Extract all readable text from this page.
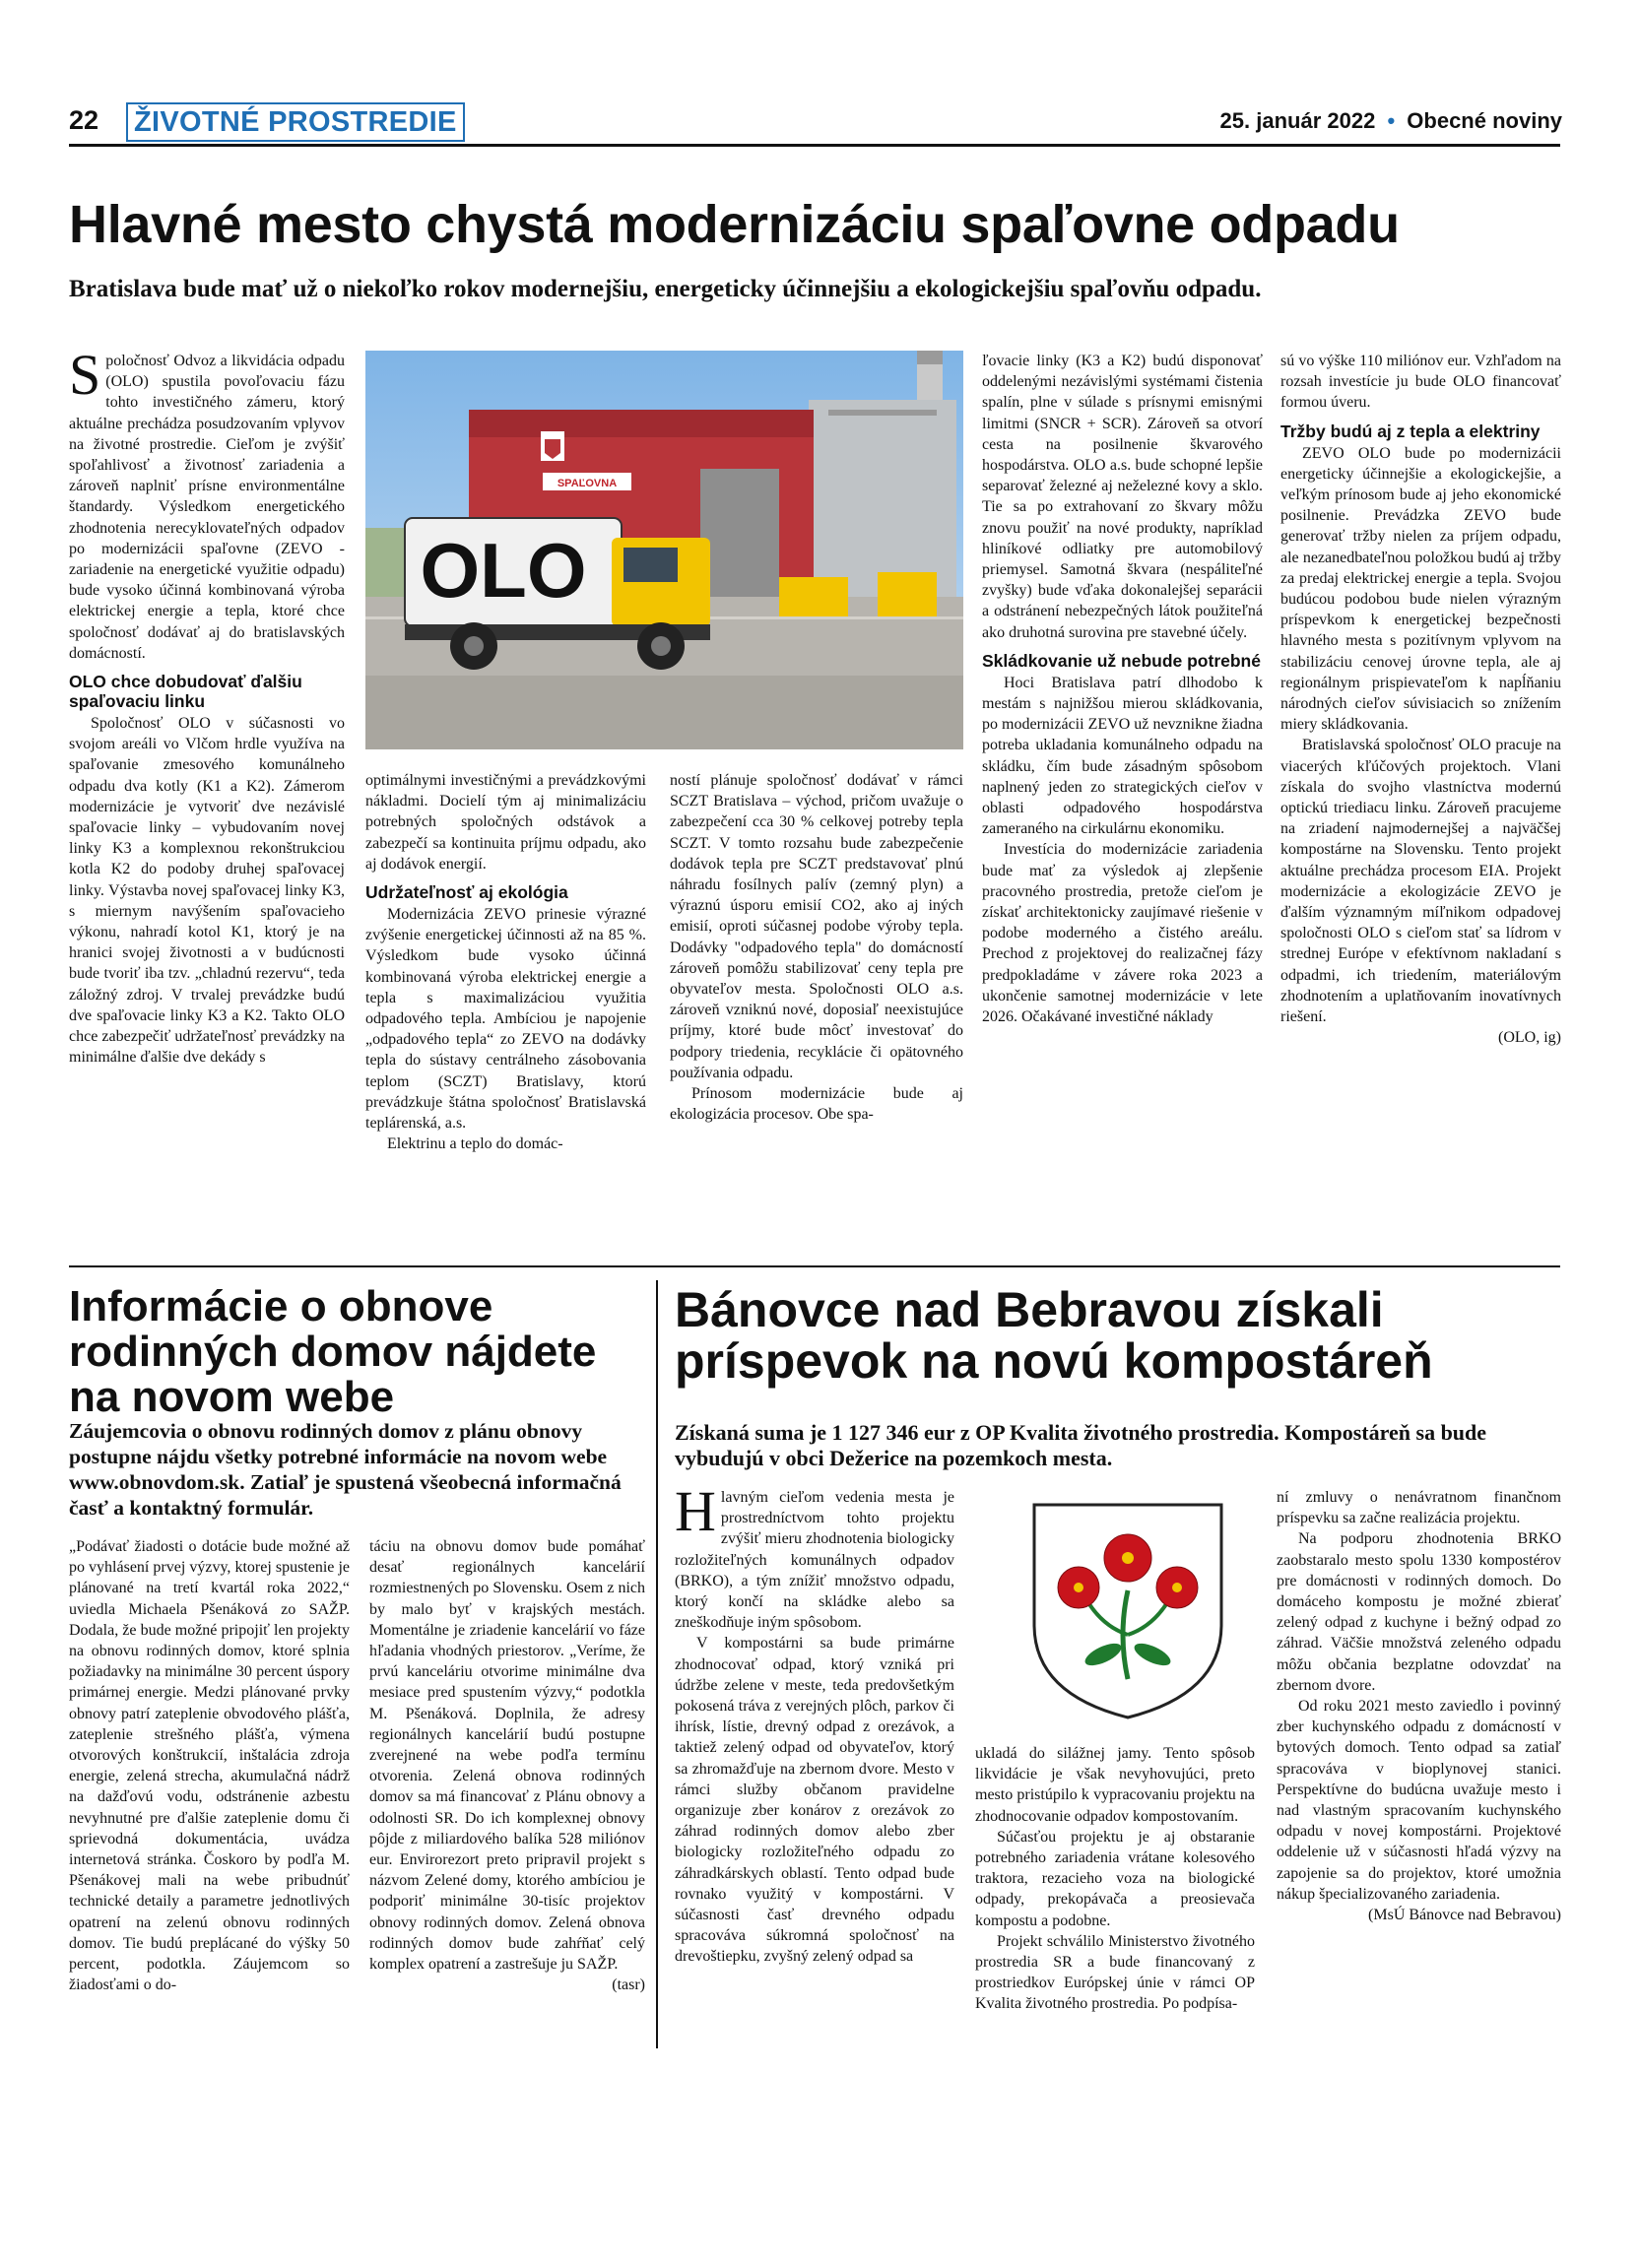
22 ŽIVOTNÉ PROSTREDIE	25. január 2022 • Obecné noviny
Hlavné mesto chystá modernizáciu spaľovne odpadu
Bratislava bude mať už o niekoľko rokov modernejšiu, energeticky účinnejšiu a ekologickejšiu spaľovňu odpadu.
S poločnosť Odvoz a likvidácia odpadu (OLO) spustila povoľovaciu fázu tohto investičného zámeru, ktorý aktuálne prechádza posudzovaním vplyvov na životné prostredie. Cieľom je zvýšiť spoľahlivosť a životnosť zariadenia a zároveň naplniť prísne environmentálne štandardy. Výsledkom energetického zhodnotenia nerecyklovateľných odpadov po modernizácii spaľovne (ZEVO - zariadenie na energetické využitie odpadu) bude vysoko účinná kombinovaná výroba elektrickej energie a tepla, ktoré chce spoločnosť dodávať aj do bratislavských domácností.

OLO chce dobudovať ďalšiu spaľovaciu linku

Spoločnosť OLO v súčasnosti vo svojom areáli vo Vlčom hrdle využíva na spaľovanie zmesového komunálneho odpadu dva kotly (K1 a K2). Zámerom modernizácie je vytvoriť dve nezávislé spaľovacie linky – vybudovaním novej linky K3 a komplexnou rekonštrukciou kotla K2 do podoby druhej spaľovacej linky. Výstavba novej spaľovacej linky K3, s miernym navýšením spaľovacieho výkonu, nahradí kotol K1, ktorý je na hranici svojej životnosti a v budúcnosti bude tvoriť iba tzv. „chladnú rezervu“, teda záložný zdroj. V trvalej prevádzke budú dve spaľovacie linky K3 a K2. Takto OLO chce zabezpečiť udržateľnosť prevádzky na minimálne ďalšie dve dekády s

SPAĽOVNA
OLO

optimálnymi investičnými a prevádzkovými nákladmi. Docielí tým aj minimalizáciu potrebných spoločných odstávok a zabezpečí sa kontinuita príjmu odpadu, ako aj dodávok energií.

Udržateľnosť aj ekológia

Modernizácia ZEVO prinesie výrazné zvýšenie energetickej účinnosti až na 85 %. Výsledkom bude vysoko účinná kombinovaná výroba elektrickej energie a tepla s maximalizáciou využitia odpadového tepla. Ambíciou je napojenie „odpadového tepla“ zo ZEVO na dodávky tepla do sústavy centrálneho zásobovania teplom (SCZT) Bratislavy, ktorú prevádzkuje štátna spoločnosť Bratislavská teplárenská, a.s.

Elektrinu a teplo do domác-

ností plánuje spoločnosť dodávať v rámci SCZT Bratislava – východ, pričom uvažuje o zabezpečení cca 30 % celkovej potreby tepla SCZT. V tomto rozsahu bude zabezpečenie dodávok tepla pre SCZT predstavovať plnú náhradu fosílnych palív (zemný plyn) a výraznú úsporu emisií CO2, ako aj iných emisií, oproti súčasnej podobe výroby tepla. Dodávky "odpadového tepla" do domácností zároveň pomôžu stabilizovať ceny tepla pre obyvateľov mesta. Spoločnosti OLO a.s. zároveň vzniknú nové, doposiaľ neexistujúce príjmy, ktoré bude môcť investovať do podpory triedenia, recyklácie či opätovného používania odpadu.

Prínosom modernizácie bude aj ekologizácia procesov. Obe spa-

ľovacie linky (K3 a K2) budú disponovať oddelenými nezávislými systémami čistenia spalín, plne v súlade s prísnymi emisnými limitmi (SNCR + SCR). Zároveň sa otvorí cesta na posilnenie škvarového hospodárstva. OLO a.s. bude schopné lepšie separovať železné aj neželezné kovy a sklo. Tie sa po extrahovaní zo škvary môžu znovu použiť na nové produkty, napríklad hliníkové odliatky pre automobilový priemysel. Samotná škvara (nespáliteľné zvyšky) bude vďaka dokonalejšej separácii a odstránení nebezpečných látok použiteľná ako druhotná surovina pre stavebné účely.

Skládkovanie už nebude potrebné

Hoci Bratislava patrí dlhodobo k mestám s najnižšou mierou skládkovania, po modernizácii ZEVO už nevznikne žiadna potreba ukladania komunálneho odpadu na skládku, čím bude zásadným spôsobom naplnený jeden zo strategických cieľov v oblasti odpadového hospodárstva zameraného na cirkulárnu ekonomiku.

Investícia do modernizácie zariadenia bude mať za výsledok aj zlepšenie pracovného prostredia, pretože cieľom je získať architektonicky zaujímavé riešenie v podobe moderného a čistého areálu. Prechod z projektovej do realizačnej fázy predpokladáme v závere roka 2023 a ukončenie samotnej modernizácie v lete 2026. Očakávané investičné náklady

sú vo výške 110 miliónov eur. Vzhľadom na rozsah investície ju bude OLO financovať formou úveru.

Tržby budú aj z tepla a elektriny

ZEVO OLO bude po modernizácii energeticky účinnejšie a ekologickejšie, a veľkým prínosom bude aj jeho ekonomické posilnenie. Prevádzka ZEVO bude generovať tržby nielen za príjem odpadu, ale nezanedbateľnou položkou budú aj tržby za predaj elektrickej energie a tepla. Svojou budúcou podobou bude nielen výrazným príspevkom k energetickej bezpečnosti hlavného mesta s pozitívnym vplyvom na stabilizáciu cenovej úrovne tepla, ale aj regionálnym prispievateľom k napĺňaniu národných cieľov súvisiacich so znížením miery skládkovania.

Bratislavská spoločnosť OLO pracuje na viacerých kľúčových projektoch. Vlani získala do svojho vlastníctva modernú optickú triediacu linku. Zároveň pracujeme na zriadení najmodernejšej a najväčšej kompostárne na Slovensku. Tento projekt aktuálne prechádza procesom EIA. Projekt modernizácie a ekologizácie ZEVO je ďalším významným míľnikom odpadovej spoločnosti OLO s cieľom stať sa lídrom v strednej Európe v efektívnom nakladaní s odpadmi, ich triedením, materiálovým zhodnotením a uplatňovaním inovatívnych riešení.

(OLO, ig)

Informácie o obnove rodinných domov nájdete na novom webe
Záujemcovia o obnovu rodinných domov z plánu obnovy postupne nájdu všetky potrebné informácie na novom webe www.obnovdom.sk. Zatiaľ je spustená všeobecná informačná časť a kontaktný formulár.

„Podávať žiadosti o dotácie bude možné až po vyhlásení prvej výzvy, ktorej spustenie je plánované na tretí kvartál roka 2022,“ uviedla Michaela Pšenáková zo SAŽP. Dodala, že bude možné pripojiť len projekty na obnovu rodinných domov, ktoré splnia požiadavky na minimálne 30 percent úspory primárnej energie. Medzi plánované prvky obnovy patrí zateplenie obvodového plášťa, zateplenie strešného plášťa, výmena otvorových konštrukcií, inštalácia zdroja energie, zelená strecha, akumulačná nádrž na dažďovú vodu, odstránenie azbestu nevyhnutné pre ďalšie zateplenie domu či sprievodná dokumentácia, uvádza internetová stránka. Čoskoro by podľa M. Pšenákovej mali na webe pribudnúť technické detaily a parametre jednotlivých opatrení na zelenú obnovu rodinných domov. Tie budú preplácané do výšky 50 percent, podotkla. Záujemcom so žiadosťami o do-

táciu na obnovu domov bude pomáhať desať regionálnych kancelárií rozmiestnených po Slovensku. Osem z nich by malo byť v krajských mestách. Momentálne je zriadenie kancelárií vo fáze hľadania vhodných priestorov. „Veríme, že prvú kanceláriu otvorime minimálne dva mesiace pred spustením výzvy,“ podotkla M. Pšenáková. Doplnila, že adresy regionálnych kancelárií budú postupne zverejnené na webe podľa termínu otvorenia. Zelená obnova rodinných domov sa má financovať z Plánu obnovy a odolnosti SR. Do ich komplexnej obnovy pôjde z miliardového balíka 528 miliónov eur. Envirorezort preto pripravil projekt s názvom Zelené domy, ktorého ambíciou je podporiť minimálne 30-tisíc projektov obnovy rodinných domov. Zelená obnova rodinných domov bude zahŕňať celý komplex opatrení a zastrešuje ju SAŽP.

(tasr)

Bánovce nad Bebravou získali príspevok na novú kompostáreň
Získaná suma je 1 127 346 eur z OP Kvalita životného prostredia. Kompostáreň sa bude vybudujú v obci Dežerice na pozemkoch mesta.
H lavným cieľom vedenia mesta je prostredníctvom tohto projektu zvýšiť mieru zhodnotenia biologicky rozložiteľných komunálnych odpadov (BRKO), a tým znížiť množstvo odpadu, ktorý končí na skládke alebo sa zneškodňuje iným spôsobom.

V kompostárni sa bude primárne zhodnocovať odpad, ktorý vzniká pri údržbe zelene v meste, teda predovšetkým pokosená tráva z verejných plôch, parkov či ihrísk, lístie, drevný odpad z orezávok, a taktiež zelený odpad od obyvateľov, ktorý sa zhromažďuje na zbernom dvore. Mesto v rámci služby občanom pravidelne organizuje zber konárov z orezávok zo záhrad rodinných domov alebo zber biologicky rozložiteľného odpadu zo záhradkárskych oblastí. Tento odpad bude rovnako využitý v kompostárni. V súčasnosti časť drevného odpadu spracováva súkromná spoločnosť na drevoštiepku, zvyšný zelený odpad sa

ukladá do silážnej jamy. Tento spôsob likvidácie je však nevyhovujúci, preto mesto pristúpilo k vypracovaniu projektu na zhodnocovanie odpadov kompostovaním.

Súčasťou projektu je aj obstaranie potrebného zariadenia vrátane kolesového traktora, rezacieho voza na biologické odpady, prekopávača a preosievača kompostu a podobne.

Projekt schválilo Ministerstvo životného prostredia SR a bude financovaný z prostriedkov Európskej únie v rámci OP Kvalita životného prostredia. Po podpísa-

ní zmluvy o nenávratnom finančnom príspevku sa začne realizácia projektu.

Na podporu zhodnotenia BRKO zaobstaralo mesto spolu 1330 kompostérov pre domácnosti v rodinných domoch. Do domáceho kompostu je možné zbierať zelený odpad z kuchyne i bežný odpad zo záhrad. Väčšie množstvá zeleného odpadu môžu občania bezplatne odovzdať na zbernom dvore.

Od roku 2021 mesto zaviedlo i povinný zber kuchynského odpadu z domácností v bytových domoch. Tento odpad sa zatiaľ spracováva v bioplynovej stanici. Perspektívne do budúcna uvažuje mesto i nad vlastným spracovaním kuchynského odpadu v novej kompostárni. Projektové oddelenie už v súčasnosti hľadá výzvy na zapojenie sa do projektov, ktoré umožnia nákup špecializovaného zariadenia.

(MsÚ Bánovce nad Bebravou)
